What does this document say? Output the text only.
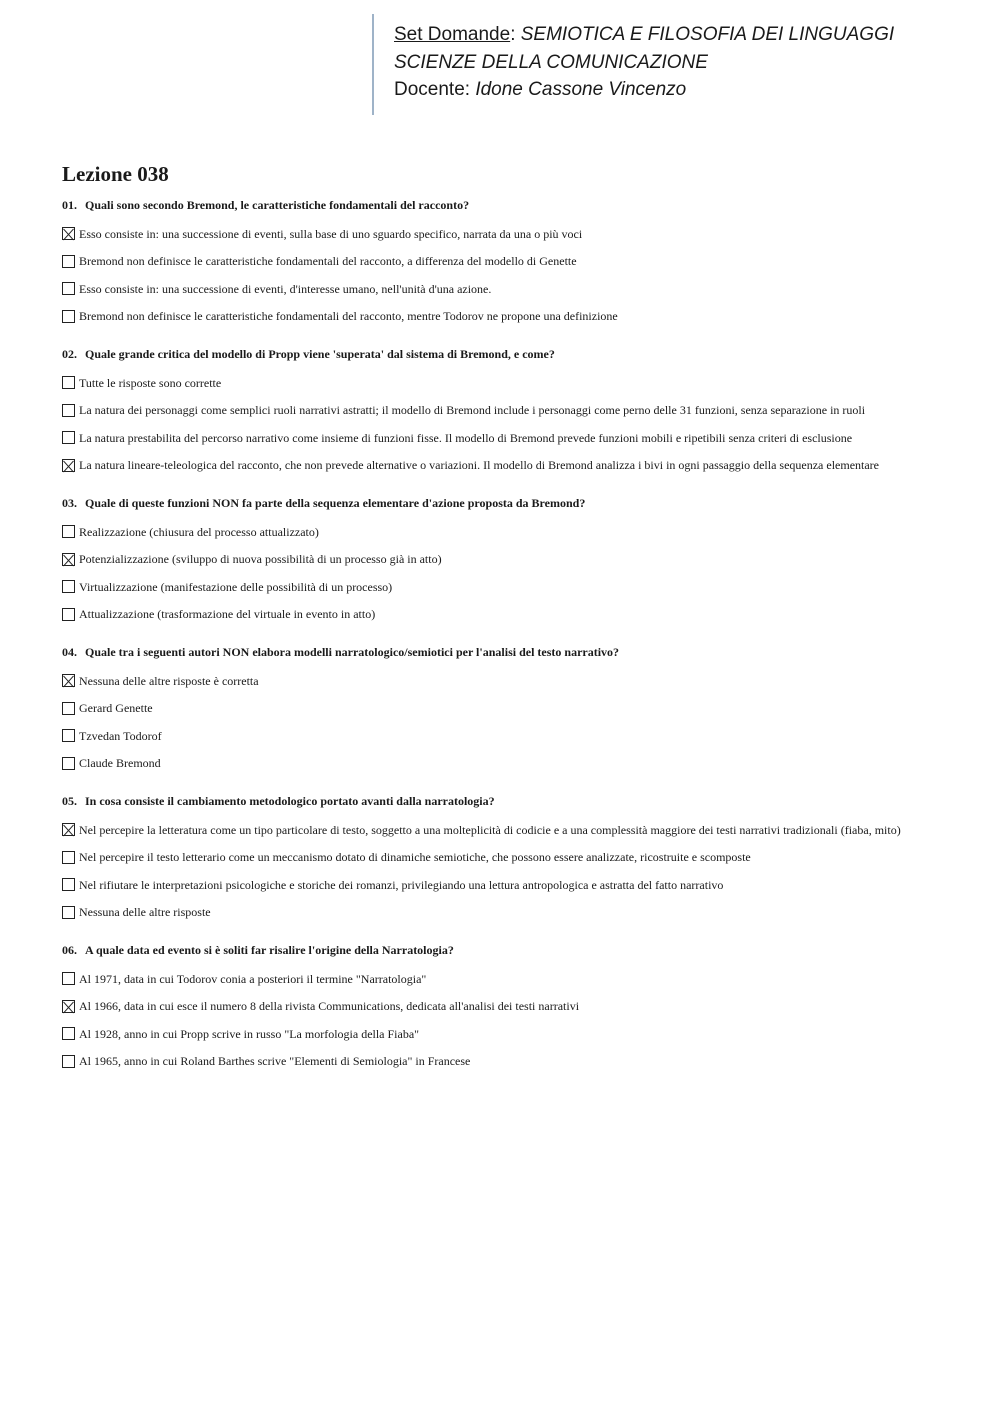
Set Domande: SEMIOTICA E FILOSOFIA DEI LINGUAGGI
SCIENZE DELLA COMUNICAZIONE
Docente: Idone Cassone Vincenzo
Lezione 038
01. Quali sono secondo Bremond, le caratteristiche fondamentali del racconto?
Esso consiste in: una successione di eventi, sulla base di uno sguardo specifico, narrata da una o più voci
Bremond non definisce le caratteristiche fondamentali del racconto, a differenza del modello di Genette
Esso consiste in: una successione di eventi, d'interesse umano, nell'unità d'una azione.
Bremond non definisce le caratteristiche fondamentali del racconto, mentre Todorov ne propone una definizione
02. Quale grande critica del modello di Propp viene 'superata' dal sistema di Bremond, e come?
Tutte le risposte sono corrette
La natura dei personaggi come semplici ruoli narrativi astratti; il modello di Bremond include i personaggi come perno delle 31 funzioni, senza separazione in ruoli
La natura prestabilita del percorso narrativo come insieme di funzioni fisse. Il modello di Bremond prevede funzioni mobili e ripetibili senza criteri di esclusione
La natura lineare-teleologica del racconto, che non prevede alternative o variazioni. Il modello di Bremond analizza i bivi in ogni passaggio della sequenza elementare
03. Quale di queste funzioni NON fa parte della sequenza elementare d'azione proposta da Bremond?
Realizzazione (chiusura del processo attualizzato)
Potenzializzazione (sviluppo di nuova possibilità di un processo già in atto)
Virtualizzazione (manifestazione delle possibilità di un processo)
Attualizzazione (trasformazione del virtuale in evento in atto)
04. Quale tra i seguenti autori NON elabora modelli narratologico/semiotici per l'analisi del testo narrativo?
Nessuna delle altre risposte è corretta
Gerard Genette
Tzvedan Todorof
Claude Bremond
05. In cosa consiste il cambiamento metodologico portato avanti dalla narratologia?
Nel percepire la letteratura come un tipo particolare di testo, soggetto a una molteplicità di codicie e a una complessità maggiore dei testi narrativi tradizionali (fiaba, mito)
Nel percepire il testo letterario come un meccanismo dotato di dinamiche semiotiche, che possono essere analizzate, ricostruite e scomposte
Nel rifiutare le interpretazioni psicologiche e storiche dei romanzi, privilegiando una lettura antropologica e astratta del fatto narrativo
Nessuna delle altre risposte
06. A quale data ed evento si è soliti far risalire l'origine della Narratologia?
Al 1971, data in cui Todorov conia a posteriori il termine "Narratologia"
Al 1966, data in cui esce il numero 8 della rivista Communications, dedicata all'analisi dei testi narrativi
Al 1928, anno in cui Propp scrive in russo "La morfologia della Fiaba"
Al 1965, anno in cui Roland Barthes scrive "Elementi di Semiologia" in Francese
